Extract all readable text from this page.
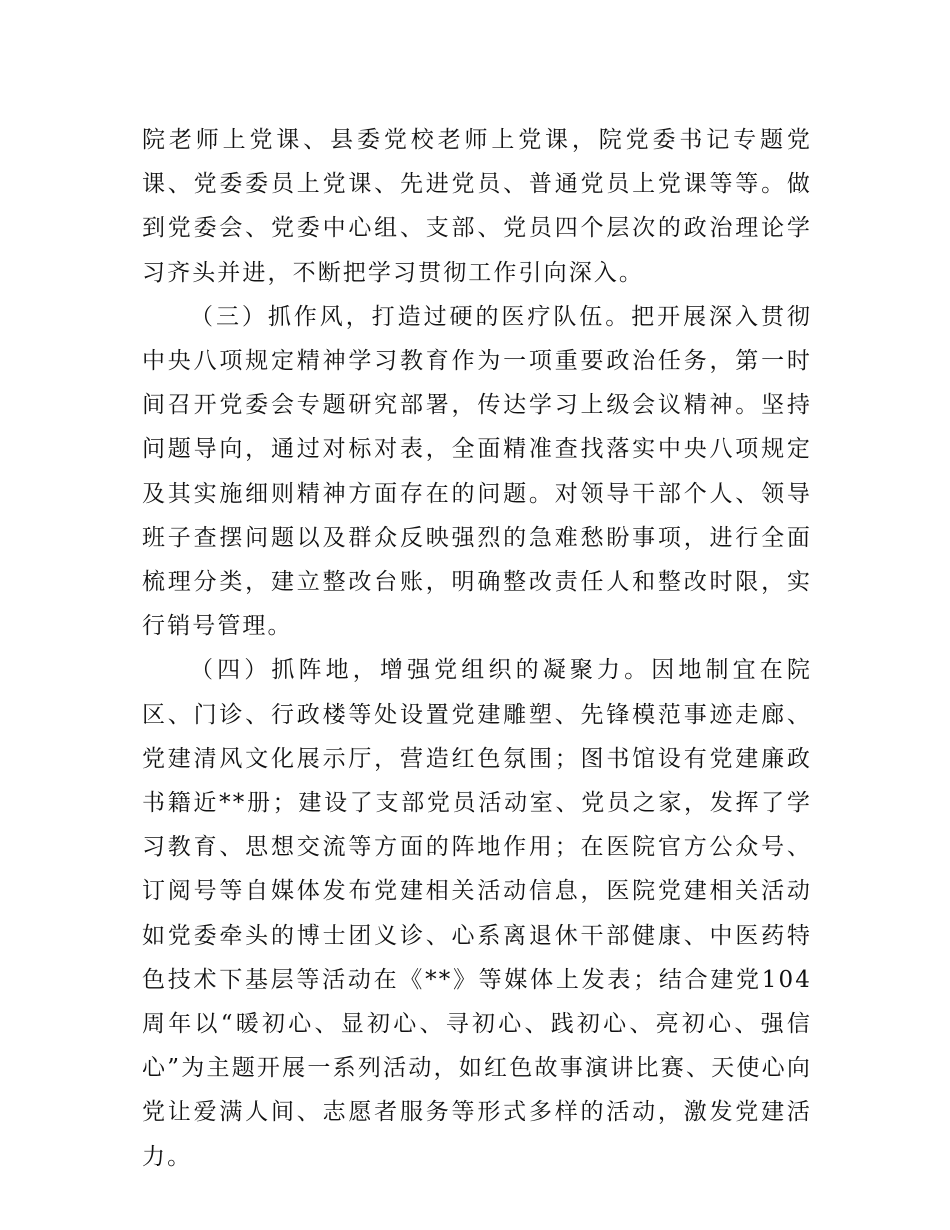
院老师上党课、县委党校老师上党课，院党委书记专题党课、党委委员上党课、先进党员、普通党员上党课等等。做到党委会、党委中心组、支部、党员四个层次的政治理论学习齐头并进，不断把学习贯彻工作引向深入。

（三）抓作风，打造过硬的医疗队伍。把开展深入贯彻中央八项规定精神学习教育作为一项重要政治任务，第一时间召开党委会专题研究部署，传达学习上级会议精神。坚持问题导向，通过对标对表，全面精准查找落实中央八项规定及其实施细则精神方面存在的问题。对领导干部个人、领导班子查摆问题以及群众反映强烈的急难愁盼事项，进行全面梳理分类，建立整改台账，明确整改责任人和整改时限，实行销号管理。

（四）抓阵地，增强党组织的凝聚力。因地制宜在院区、门诊、行政楼等处设置党建雕塑、先锋模范事迹走廊、党建清风文化展示厅，营造红色氛围；图书馆设有党建廉政书籍近**册；建设了支部党员活动室、党员之家，发挥了学习教育、思想交流等方面的阵地作用；在医院官方公众号、订阅号等自媒体发布党建相关活动信息，医院党建相关活动如党委牵头的博士团义诊、心系离退休干部健康、中医药特色技术下基层等活动在《**》等媒体上发表；结合建党104周年以“暖初心、显初心、寻初心、践初心、亮初心、强信心”为主题开展一系列活动，如红色故事演讲比赛、天使心向党让爱满人间、志愿者服务等形式多样的活动，激发党建活力。
